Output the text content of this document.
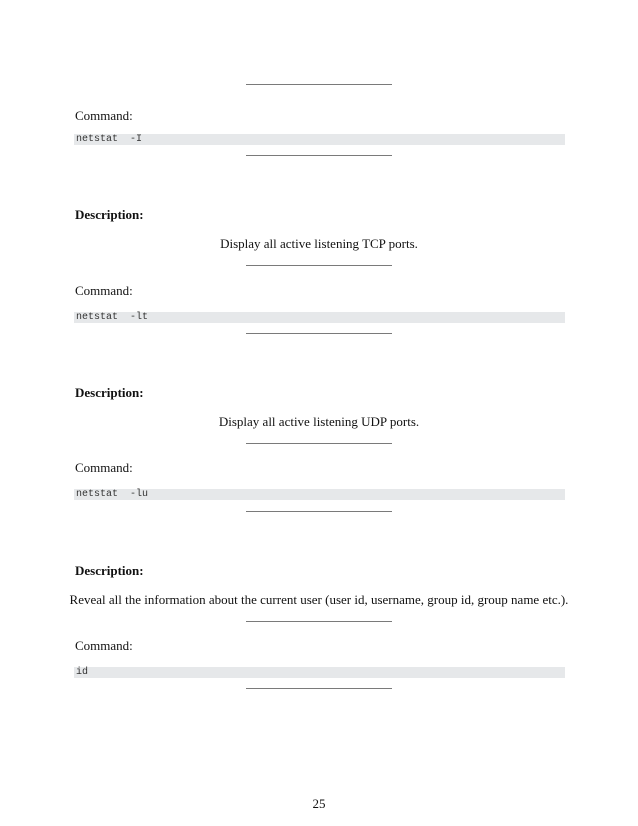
Command:
netstat  -I
Description:
Display all active listening TCP ports.
Command:
netstat  -lt
Description:
Display all active listening UDP ports.
Command:
netstat  -lu
Description:
Reveal all the information about the current user (user id, username, group id, group name etc.).
Command:
id
25
